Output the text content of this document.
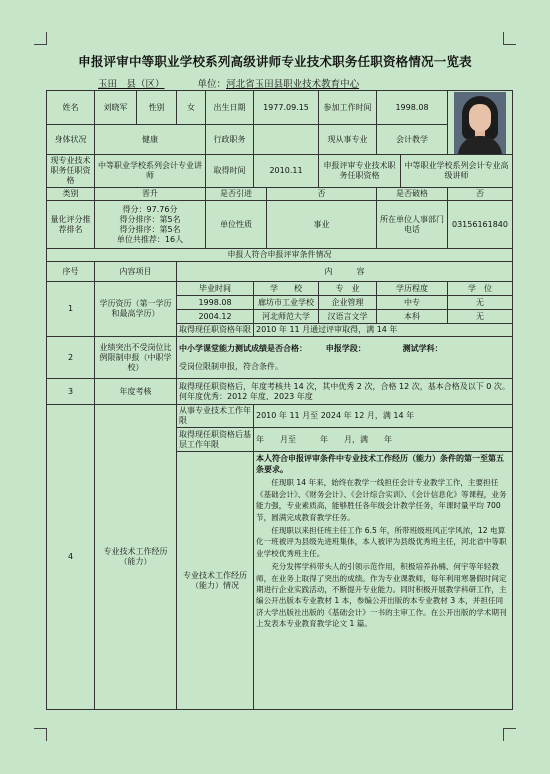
申报评审中等职业学校系列高级讲师专业技术职务任职资格情况一览表
玉田　县（区）	单位：河北省玉田县职业技术教育中心
姓名	刘晓军	性别	女	出生日期	1977.09.15		参加工作时间	1998.08		

身体状况	健康			行政职务			现从事专业	会计教学		
现专业技术职务任职资格	中等职业学校系列会计专业讲师			取得时间	2010.11		申报评审专业技术职务任职资格		中等职业学校系列会计专业高级讲师	
类别	晋升			是否引进		否		是否破格		否
量化评分推荐排名	得分：97.76分
得分排序：第5名
得分排序：第5名
单位共推荐：16人			单位性质		事业		所在单位人事部门电话		03156161840
申报人符合申报评审条件情况										
序号	内容项目		内　　　容							
1	学历资历（第一学历和最高学历）		毕业时间		学　　校		专　业	学历程度		学　位
			1998.08		廊坊市工业学校		企业管理	中专		无
			2004.12		河北师范大学		汉语言文学	本科		无
			取得现任职资格年限		2010 年 11 月通过评审取得，满 14 年					
2	业绩突出不受岗位比例限制申报（中职学校）		中小学课堂能力测试成绩是否合格： 申报学段： 测试学科：
受岗位限制申报，符合条件。							

3	年度考核		取得现任职资格后，年度考核共 14 次，其中优秀 2 次，合格 12 次，基本合格及以下 0 次。何年度优秀：2012 年度、2023 年度							
4	专业技术工作经历（能力）		从事专业技术工作年限		2010 年 11 月至 2024 年 12 月，满 14 年					
			取得现任职资格后基层工作年限		年　　月至　　　年　　月，满　　年					
			专业技术工作经历（能力）情况		本人符合申报评审条件中专业技术工作经历（能力）条件的第一至第五条要求。

任现职 14 年来，始终在教学一线担任会计专业教学工作，主要担任《基础会计》、《财务会计》、《会计综合实训》、《会计信息化》等课程，业务能力强，专业素质高，能够胜任各年级会计教学任务，年课时量平均 700 节，圆满完成教育教学任务。

任现职以来担任班主任工作 6.5 年，所带班级班风正学风浓，12 电算化一班被评为县级先进班集体，本人被评为县级优秀班主任，河北省中等职业学校优秀班主任。

充分发挥学科带头人的引领示范作用，积极培养孙楠、何宇等年轻教师，在业务上取得了突出的成绩。作为专业课教师，每年利用寒暑假时间定期进行企业实践活动，不断提升专业能力。同时积极开展教学科研工作，主编公开出版本专业教材 1 本，参编公开出版的本专业教材 3 本，并担任同济大学出版社出版的《基础会计》一书的主审工作。在公开出版的学术期刊上发表本专业教育教学论文 1 篇。					
